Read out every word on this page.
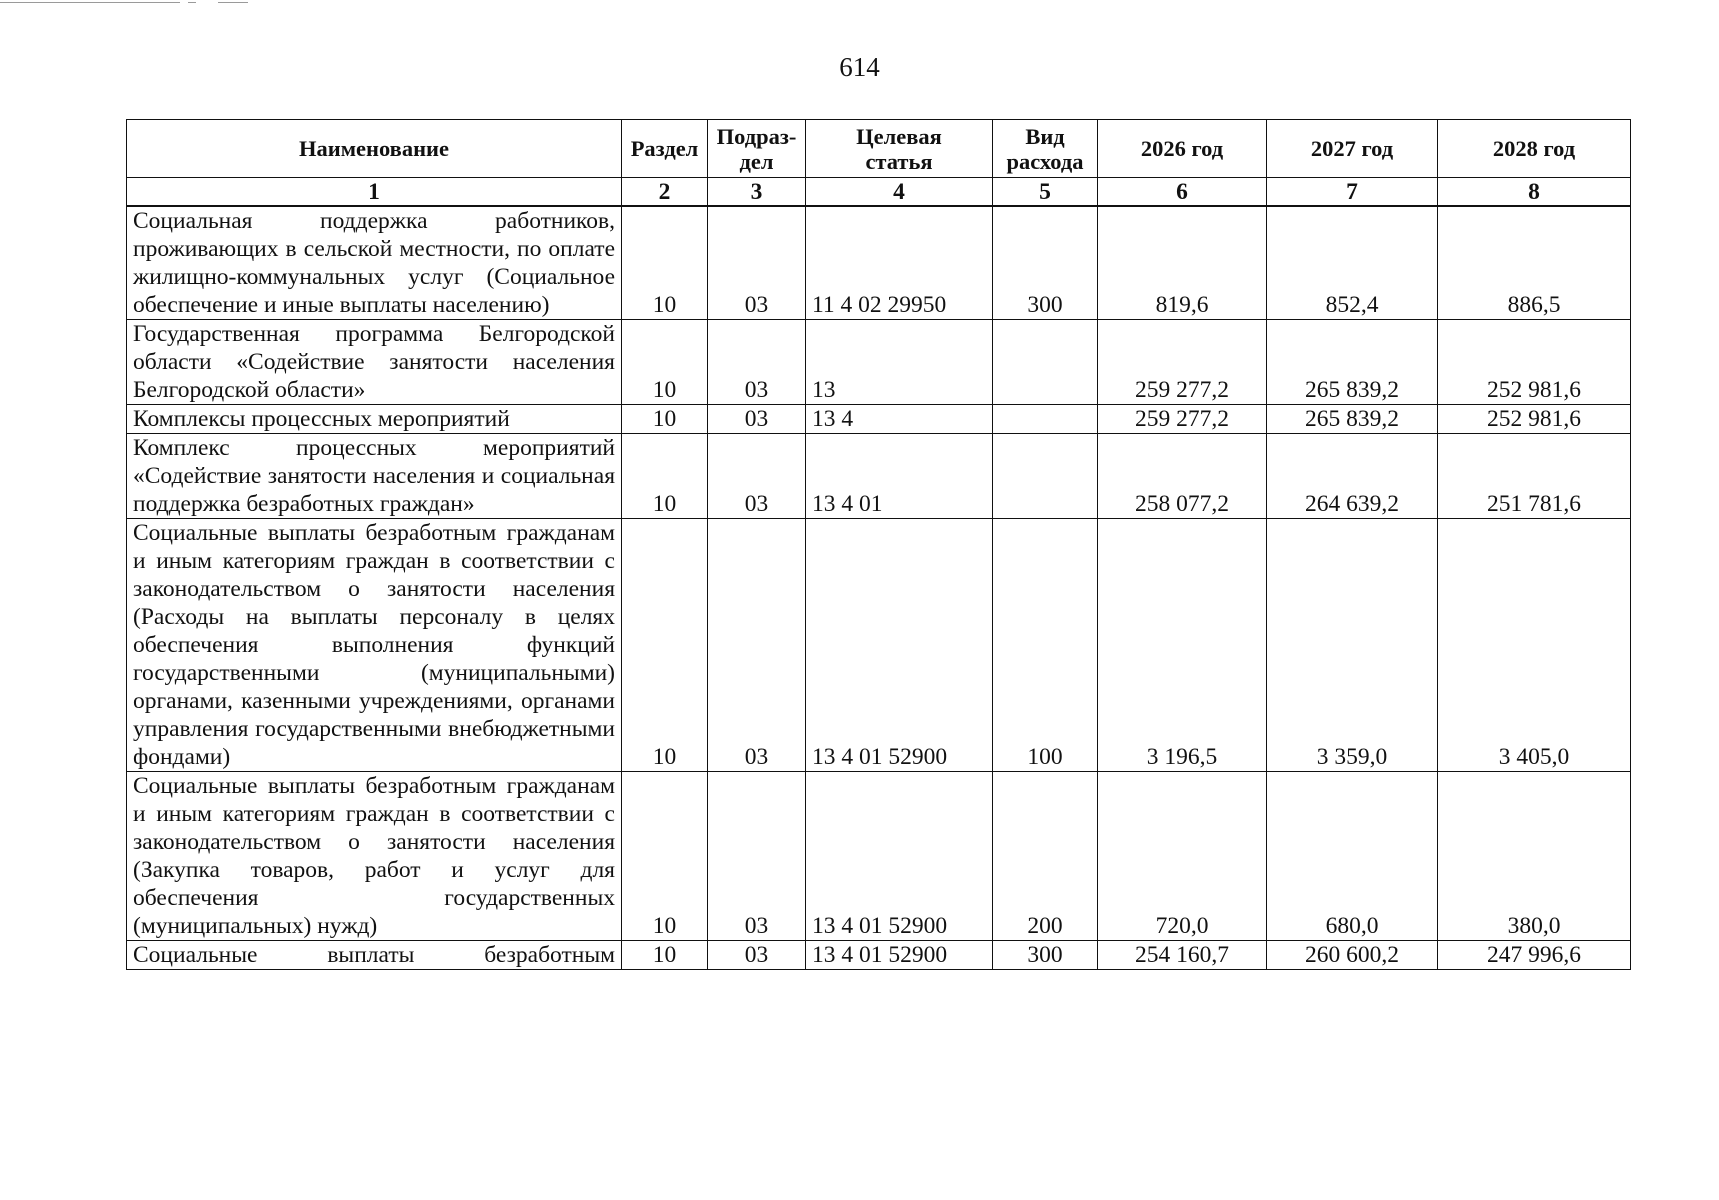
614
Наименование	Раздел	Подраз-дел	Целевая статья	Вид расхода	2026 год	2027 год	2028 год
1	2	3	4	5	6	7	8
Социальная поддержка работников, проживающих в сельской местности, по оплате жилищно-коммунальных услуг (Социальное обеспечение и иные выплаты населению)	10	03	11 4 02 29950	300	819,6	852,4	886,5
Государственная программа Белгородской области «Содействие занятости населения Белгородской области»	10	03	13		259 277,2	265 839,2	252 981,6
Комплексы процессных мероприятий	10	03	13 4		259 277,2	265 839,2	252 981,6
Комплекс процессных мероприятий «Содействие занятости населения и социальная поддержка безработных граждан»	10	03	13 4 01		258 077,2	264 639,2	251 781,6
Социальные выплаты безработным гражданам и иным категориям граждан в соответствии с законодательством о занятости населения (Расходы на выплаты персоналу в целях обеспечения выполнения функций государственными (муниципальными) органами, казенными учреждениями, органами управления государственными внебюджетными фондами)	10	03	13 4 01 52900	100	3 196,5	3 359,0	3 405,0
Социальные выплаты безработным гражданам и иным категориям граждан в соответствии с законодательством о занятости населения (Закупка товаров, работ и услуг для обеспечения государственных (муниципальных) нужд)	10	03	13 4 01 52900	200	720,0	680,0	380,0
Социальные выплаты безработным	10	03	13 4 01 52900	300	254 160,7	260 600,2	247 996,6
